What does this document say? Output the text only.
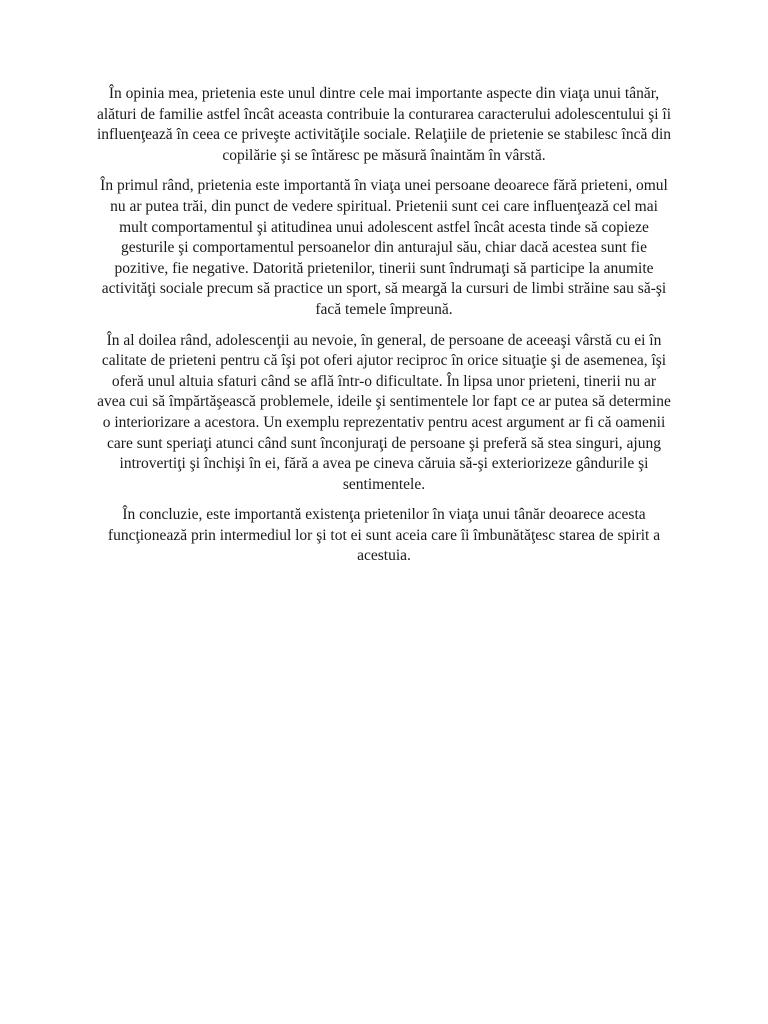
În opinia mea, prietenia este unul dintre cele mai importante aspecte din viaţa unui tânăr, alături de familie astfel încât aceasta contribuie la conturarea caracterului adolescentului şi îi influenţează în ceea ce priveşte activităţile sociale. Relaţiile de prietenie se stabilesc încă din copilărie şi se întăresc pe măsură înaintăm în vârstă.

În primul rând, prietenia este importantă în viaţa unei persoane deoarece fără prieteni, omul nu ar putea trăi, din punct de vedere spiritual. Prietenii sunt cei care influenţează cel mai mult comportamentul şi atitudinea unui adolescent astfel încât acesta tinde să copieze gesturile şi comportamentul persoanelor din anturajul său, chiar dacă acestea sunt fie pozitive, fie negative. Datorită prietenilor, tinerii sunt îndrumaţi să participe la anumite activităţi sociale precum să practice un sport, să meargă la cursuri de limbi străine sau să-şi facă temele împreună.

În al doilea rând, adolescenţii au nevoie, în general, de persoane de aceeaşi vârstă cu ei în calitate de prieteni pentru că îşi pot oferi ajutor reciproc în orice situaţie şi de asemenea, îşi oferă unul altuia sfaturi când se află într-o dificultate. În lipsa unor prieteni, tinerii nu ar avea cui să împărtăşească problemele, ideile şi sentimentele lor fapt ce ar putea să determine o interiorizare a acestora. Un exemplu reprezentativ pentru acest argument ar fi că oamenii care sunt speriaţi atunci când sunt înconjuraţi de persoane şi preferă să stea singuri, ajung introvertiţi şi închişi în ei, fără a avea pe cineva căruia să-şi exteriorizeze gândurile şi sentimentele.

În concluzie, este importantă existenţa prietenilor în viaţa unui tânăr deoarece acesta funcţionează prin intermediul lor şi tot ei sunt aceia care îi îmbunătăţesc starea de spirit a acestuia.
